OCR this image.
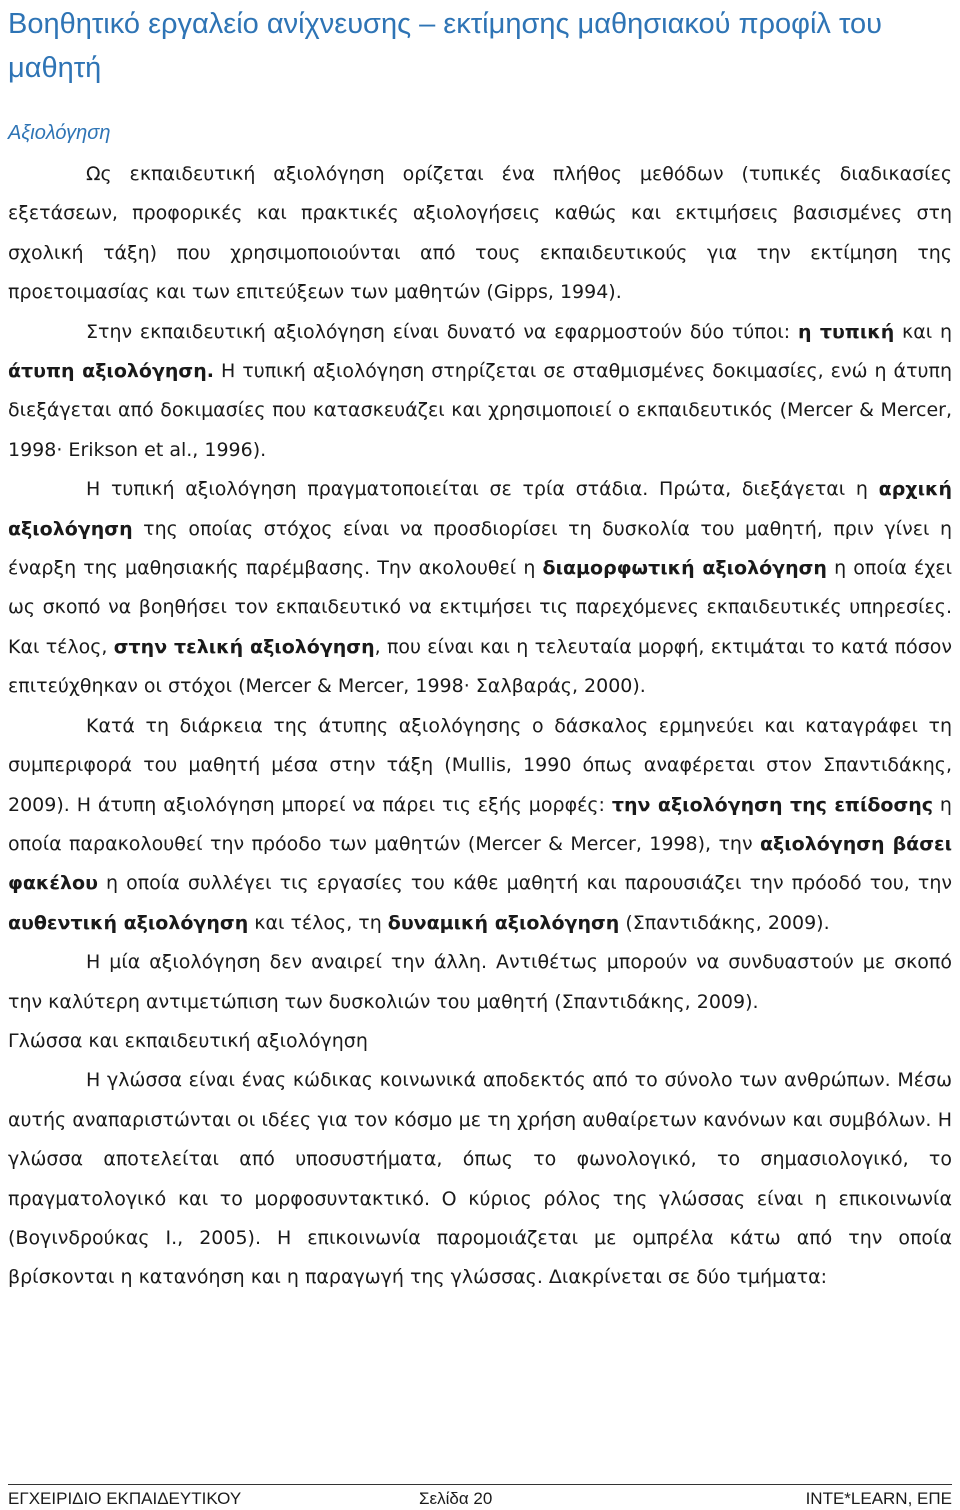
Βοηθητικό εργαλείο ανίχνευσης – εκτίμησης μαθησιακού προφίλ του μαθητή
Αξιολόγηση

Ως εκπαιδευτική αξιολόγηση ορίζεται ένα πλήθος μεθόδων (τυπικές διαδικασίες εξετάσεων, προφορικές και πρακτικές αξιολογήσεις καθώς και εκτιμήσεις βασισμένες στη σχολική τάξη) που χρησιμοποιούνται από τους εκπαιδευτικούς για την εκτίμηση της προετοιμασίας και των επιτεύξεων των μαθητών (Gipps, 1994).

Στην εκπαιδευτική αξιολόγηση είναι δυνατό να εφαρμοστούν δύο τύποι: η τυπική και η άτυπη αξιολόγηση. Η τυπική αξιολόγηση στηρίζεται σε σταθμισμένες δοκιμασίες, ενώ η άτυπη διεξάγεται από δοκιμασίες που κατασκευάζει και χρησιμοποιεί ο εκπαιδευτικός (Mercer & Mercer, 1998· Erikson et al., 1996).

Η τυπική αξιολόγηση πραγματοποιείται σε τρία στάδια. Πρώτα, διεξάγεται η αρχική αξιολόγηση της οποίας στόχος είναι να προσδιορίσει τη δυσκολία του μαθητή, πριν γίνει η έναρξη της μαθησιακής παρέμβασης. Την ακολουθεί η διαμορφωτική αξιολόγηση η οποία έχει ως σκοπό να βοηθήσει τον εκπαιδευτικό να εκτιμήσει τις παρεχόμενες εκπαιδευτικές υπηρεσίες. Και τέλος, στην τελική αξιολόγηση, που είναι και η τελευταία μορφή, εκτιμάται το κατά πόσον επιτεύχθηκαν οι στόχοι (Mercer & Mercer, 1998· Σαλβαράς, 2000).

Κατά τη διάρκεια της άτυπης αξιολόγησης ο δάσκαλος ερμηνεύει και καταγράφει τη συμπεριφορά του μαθητή μέσα στην τάξη (Mullis, 1990 όπως αναφέρεται στον Σπαντιδάκης, 2009). Η άτυπη αξιολόγηση μπορεί να πάρει τις εξής μορφές: την αξιολόγηση της επίδοσης η οποία παρακολουθεί την πρόοδο των μαθητών (Mercer & Mercer, 1998), την αξιολόγηση βάσει φακέλου η οποία συλλέγει τις εργασίες του κάθε μαθητή και παρουσιάζει την πρόοδό του, την αυθεντική αξιολόγηση και τέλος, τη δυναμική αξιολόγηση (Σπαντιδάκης, 2009).

Η μία αξιολόγηση δεν αναιρεί την άλλη. Αντιθέτως μπορούν να συνδυαστούν με σκοπό την καλύτερη αντιμετώπιση των δυσκολιών του μαθητή (Σπαντιδάκης, 2009).

Γλώσσα και εκπαιδευτική αξιολόγηση

Η γλώσσα είναι ένας κώδικας κοινωνικά αποδεκτός από το σύνολο των ανθρώπων. Μέσω αυτής αναπαριστώνται οι ιδέες για τον κόσμο με τη χρήση αυθαίρετων κανόνων και συμβόλων. Η γλώσσα αποτελείται από υποσυστήματα, όπως το φωνολογικό, το σημασιολογικό, το πραγματολογικό και το μορφοσυντακτικό. Ο κύριος ρόλος της γλώσσας είναι η επικοινωνία (Βογινδρούκας Ι., 2005). Η επικοινωνία παρομοιάζεται με ομπρέλα κάτω από την οποία βρίσκονται η κατανόηση και η παραγωγή της γλώσσας. Διακρίνεται σε δύο τμήματα:

ΕΓΧΕΙΡΙΔΙΟ ΕΚΠΑΙΔΕΥΤΙΚΟΥ	Σελίδα 20	INTE*LEARN, ΕΠΕ
